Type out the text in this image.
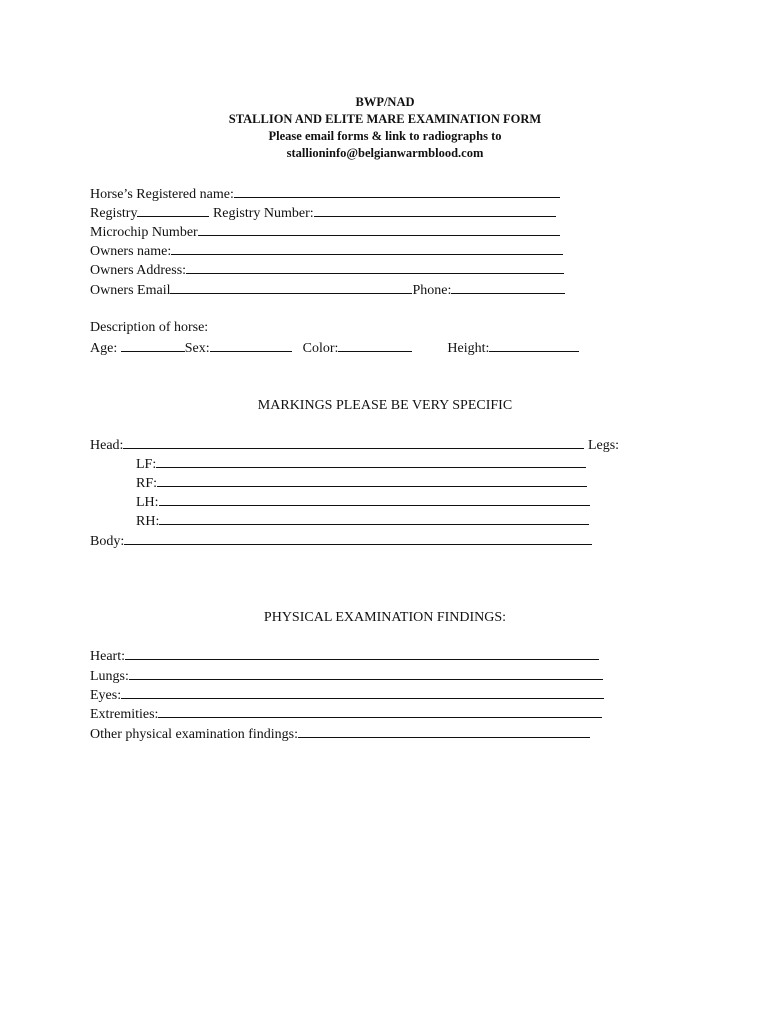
BWP/NAD
STALLION AND ELITE MARE EXAMINATION FORM
Please email forms & link to radiographs to
stallioninfo@belgianwarmblood.com
Horse’s Registered name:
Registry	Registry Number:
Microchip Number
Owners name:
Owners Address:
Owners Email	Phone:
Description of horse:
Age:	Sex:	Color:	Height:
MARKINGS PLEASE BE VERY SPECIFIC
Head:	Legs:
LF:
RF:
LH:
RH:
Body:
PHYSICAL EXAMINATION FINDINGS:
Heart:
Lungs:
Eyes:
Extremities:
Other physical examination findings:
